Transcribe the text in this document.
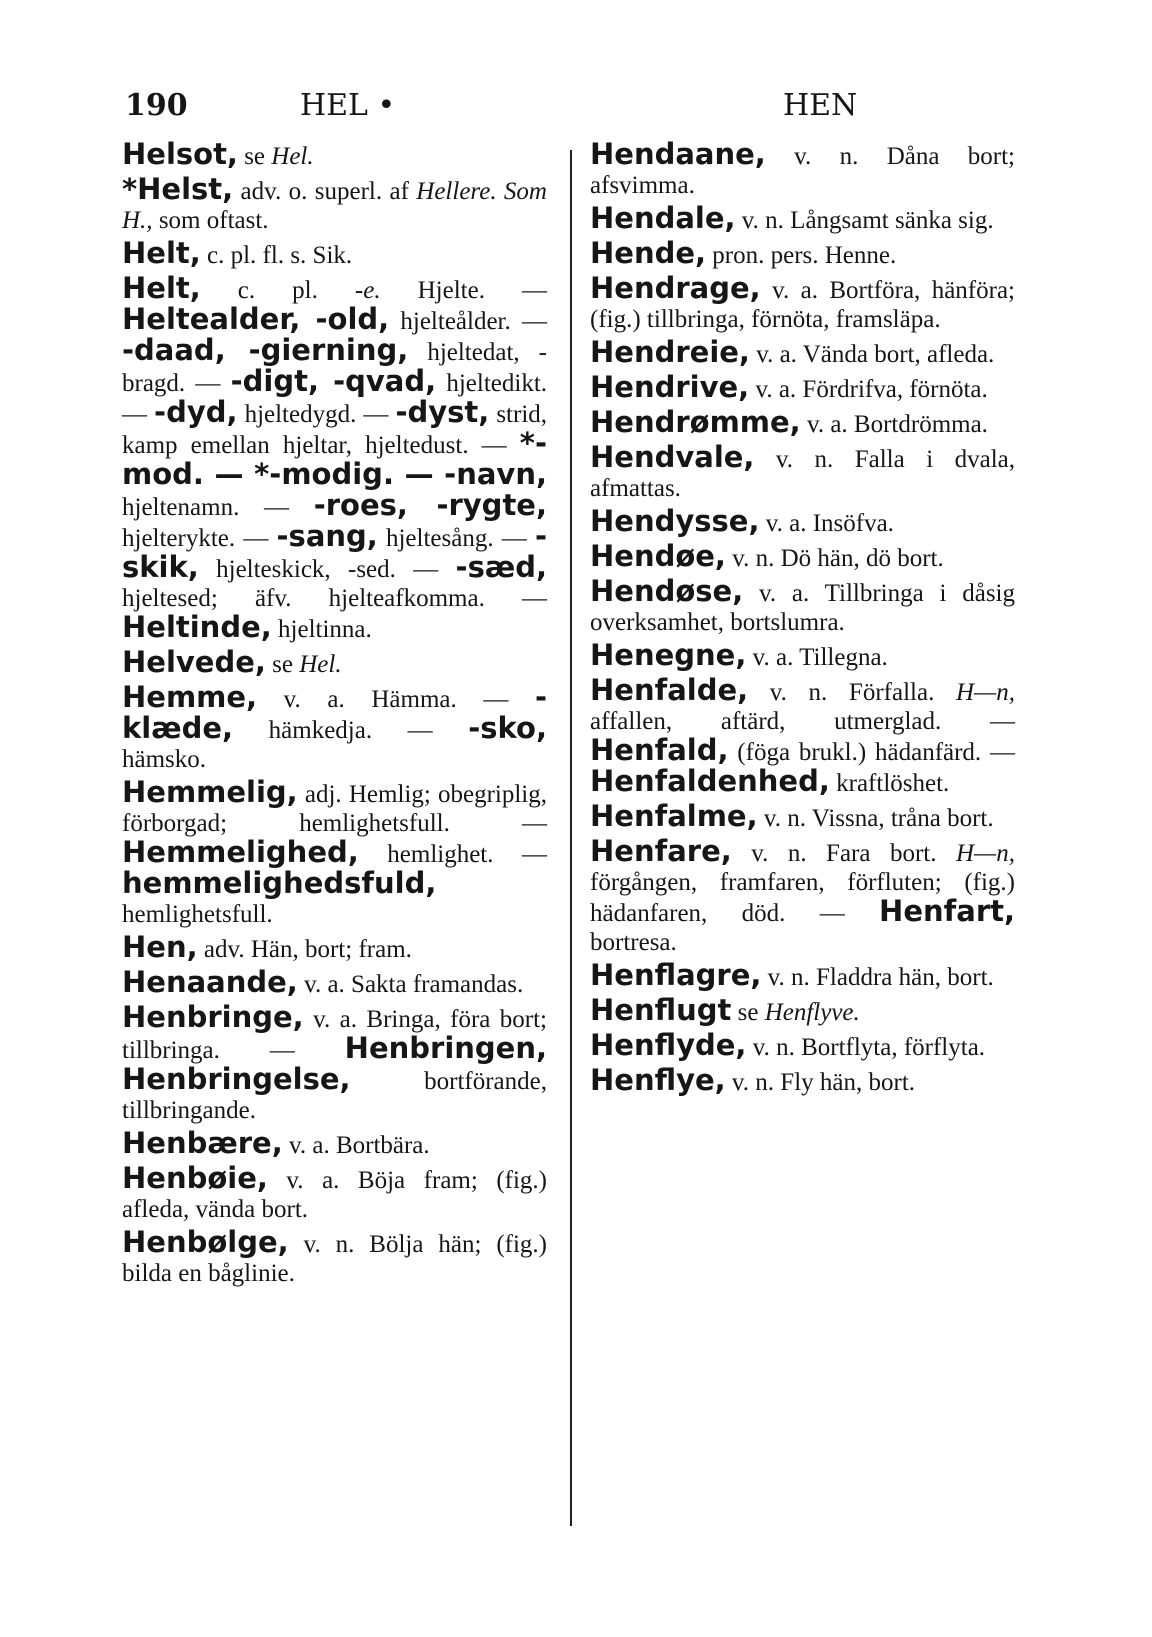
190	HEL •	HEN

Helsot, se Hel.

*Helst, adv. o. superl. af Hellere. Som H., som oftast.

Helt, c. pl. fl. s. Sik.

Helt, c. pl. -e. Hjelte. — Heltealder, -old, hjelteålder. — -daad, -gierning, hjeltedat, -bragd. — -digt, -qvad, hjeltedikt. — -dyd, hjeltedygd. — -dyst, strid, kamp emellan hjeltar, hjeltedust. — *-mod. — *-modig. — -navn, hjeltenamn. — -roes, -rygte, hjelterykte. — -sang, hjeltesång. — -skik, hjelteskick, -sed. — -sæd, hjeltesed; äfv. hjelteafkomma. — Heltinde, hjeltinna.

Helvede, se Hel.

Hemme, v. a. Hämma. — -klæde, hämkedja. — -sko, hämsko.

Hemmelig, adj. Hemlig; obegriplig, förborgad; hemlighetsfull. — Hemmelighed, hemlighet. — hemmelighedsfuld, hemlighetsfull.

Hen, adv. Hän, bort; fram.

Henaande, v. a. Sakta framandas.

Henbringe, v. a. Bringa, föra bort; tillbringa. — Henbringen, Henbringelse, bortförande, tillbringande.

Henbære, v. a. Bortbära.

Henbøie, v. a. Böja fram; (fig.) afleda, vända bort.

Henbølge, v. n. Bölja hän; (fig.) bilda en båglinie.

Hendaane, v. n. Dåna bort; afsvimma.

Hendale, v. n. Långsamt sänka sig.

Hende, pron. pers. Henne.

Hendrage, v. a. Bortföra, hänföra; (fig.) tillbringa, förnöta, framsläpa.

Hendreie, v. a. Vända bort, afleda.

Hendrive, v. a. Fördrifva, förnöta.

Hendrømme, v. a. Bortdrömma.

Hendvale, v. n. Falla i dvala, afmattas.

Hendysse, v. a. Insöfva.

Hendøe, v. n. Dö hän, dö bort.

Hendøse, v. a. Tillbringa i dåsig overksamhet, bortslumra.

Henegne, v. a. Tillegna.

Henfalde, v. n. Förfalla. H—n, affallen, aftärd, utmerglad. — Henfald, (föga brukl.) hädanfärd. — Henfaldenhed, kraftlöshet.

Henfalme, v. n. Vissna, tråna bort.

Henfare, v. n. Fara bort. H—n, förgången, framfaren, förfluten; (fig.) hädanfaren, död. — Henfart, bortresa.

Henflagre, v. n. Fladdra hän, bort.

Henflugt se Henflyve.

Henflyde, v. n. Bortflyta, förflyta.

Henflye, v. n. Fly hän, bort.
